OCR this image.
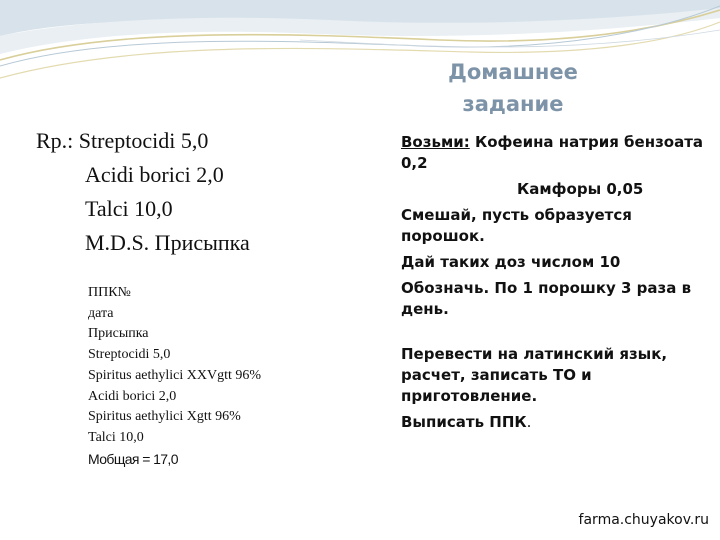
Домашнее
задание
Rp.: Streptocidi 5,0
Acidi borici 2,0
Talci 10,0
M.D.S. Присыпка
ППК№
дата
Присыпка
Streptocidi 5,0
Spiritus aethylici XXVgtt 96%
Acidi borici 2,0
Spiritus aethylici Xgtt 96%
Talci 10,0
Мобщая = 17,0
Возьми: Кофеина натрия бензоата 0,2
Камфоры 0,05
Смешай, пусть образуется порошок.
Дай таких доз числом 10
Обозначь. По 1 порошку 3 раза в день.
Перевести на латинский язык, расчет, записать ТО и приготовление.
Выписать ППК.
farma.chuyakov.ru
